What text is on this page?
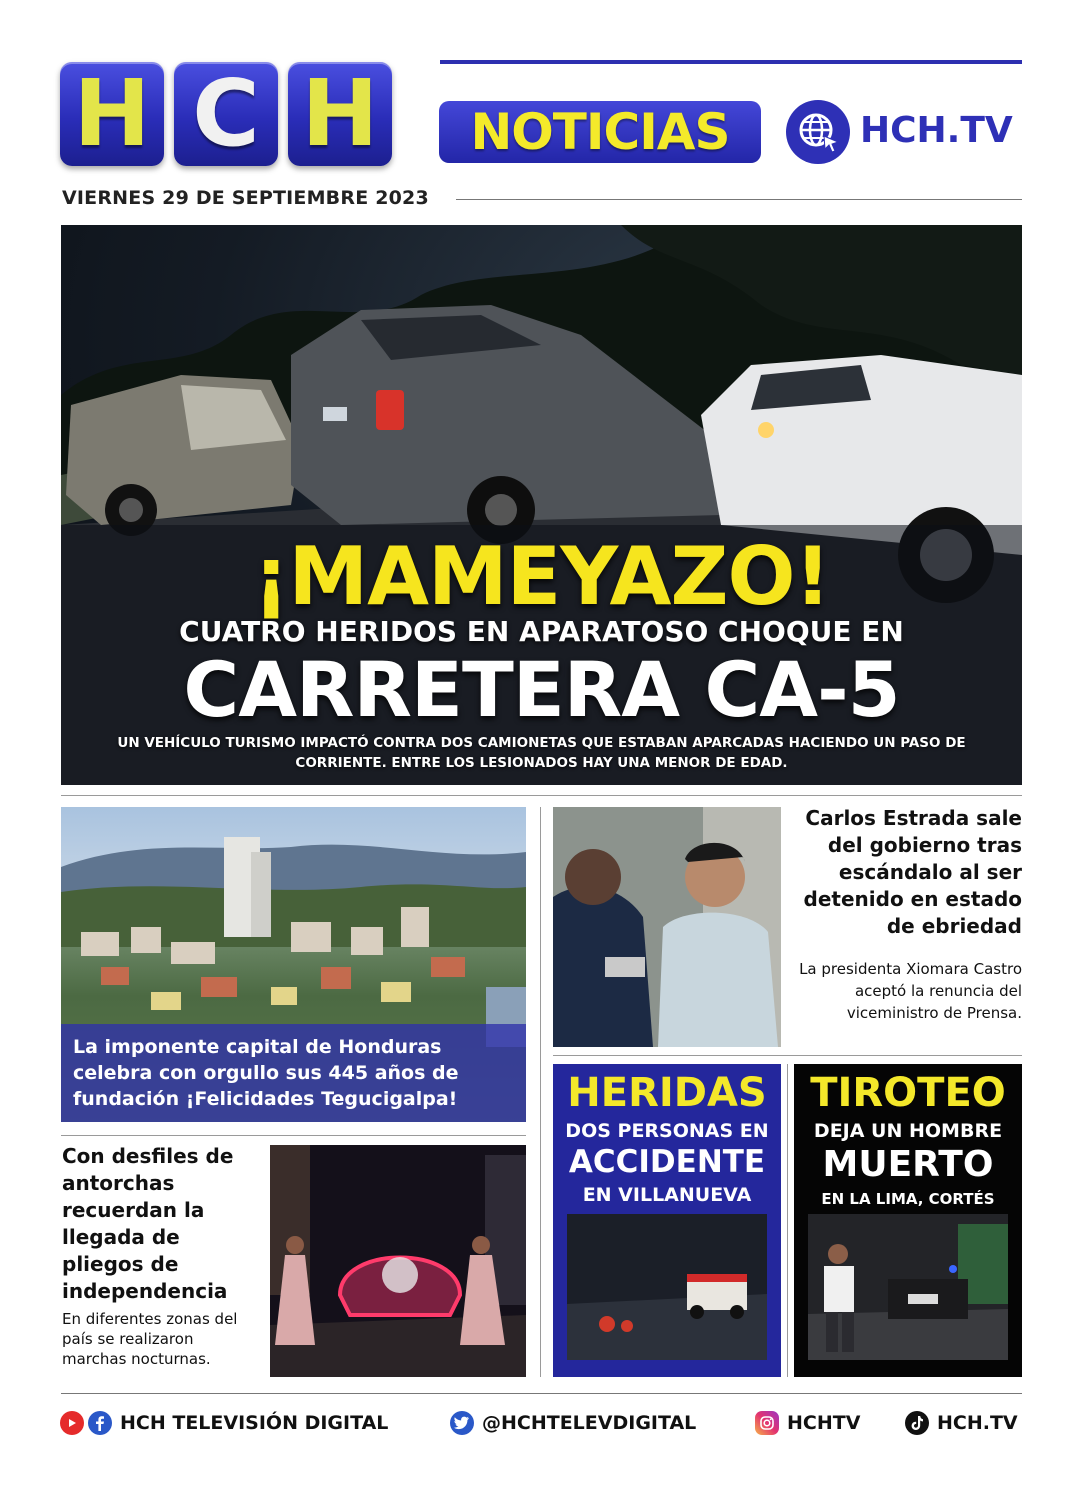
H C H	NOTICIAS	HCH.TV
VIERNES 29 DE SEPTIEMBRE 2023
¡MAMEYAZO!
CUATRO HERIDOS EN APARATOSO CHOQUE EN
CARRETERA CA-5
UN VEHÍCULO TURISMO IMPACTÓ CONTRA DOS CAMIONETAS QUE ESTABAN APARCADAS HACIENDO UN PASO DE CORRIENTE. ENTRE LOS LESIONADOS HAY UNA MENOR DE EDAD.
La imponente capital de Honduras celebra con orgullo sus 445 años de fundación ¡Felicidades Tegucigalpa!
Carlos Estrada sale del gobierno tras escándalo al ser detenido en estado de ebriedad
La presidenta Xiomara Castro aceptó la renuncia del viceministro de Prensa.
Con desfiles de antorchas recuerdan la llegada de pliegos de independencia
En diferentes zonas del país se realizaron marchas nocturnas.
HERIDAS
DOS PERSONAS EN
ACCIDENTE
EN VILLANUEVA
TIROTEO
DEJA UN HOMBRE
MUERTO
EN LA LIMA, CORTÉS
HCH TELEVISIÓN DIGITAL	@HCHTELEVDIGITAL	HCHTV	HCH.TV
